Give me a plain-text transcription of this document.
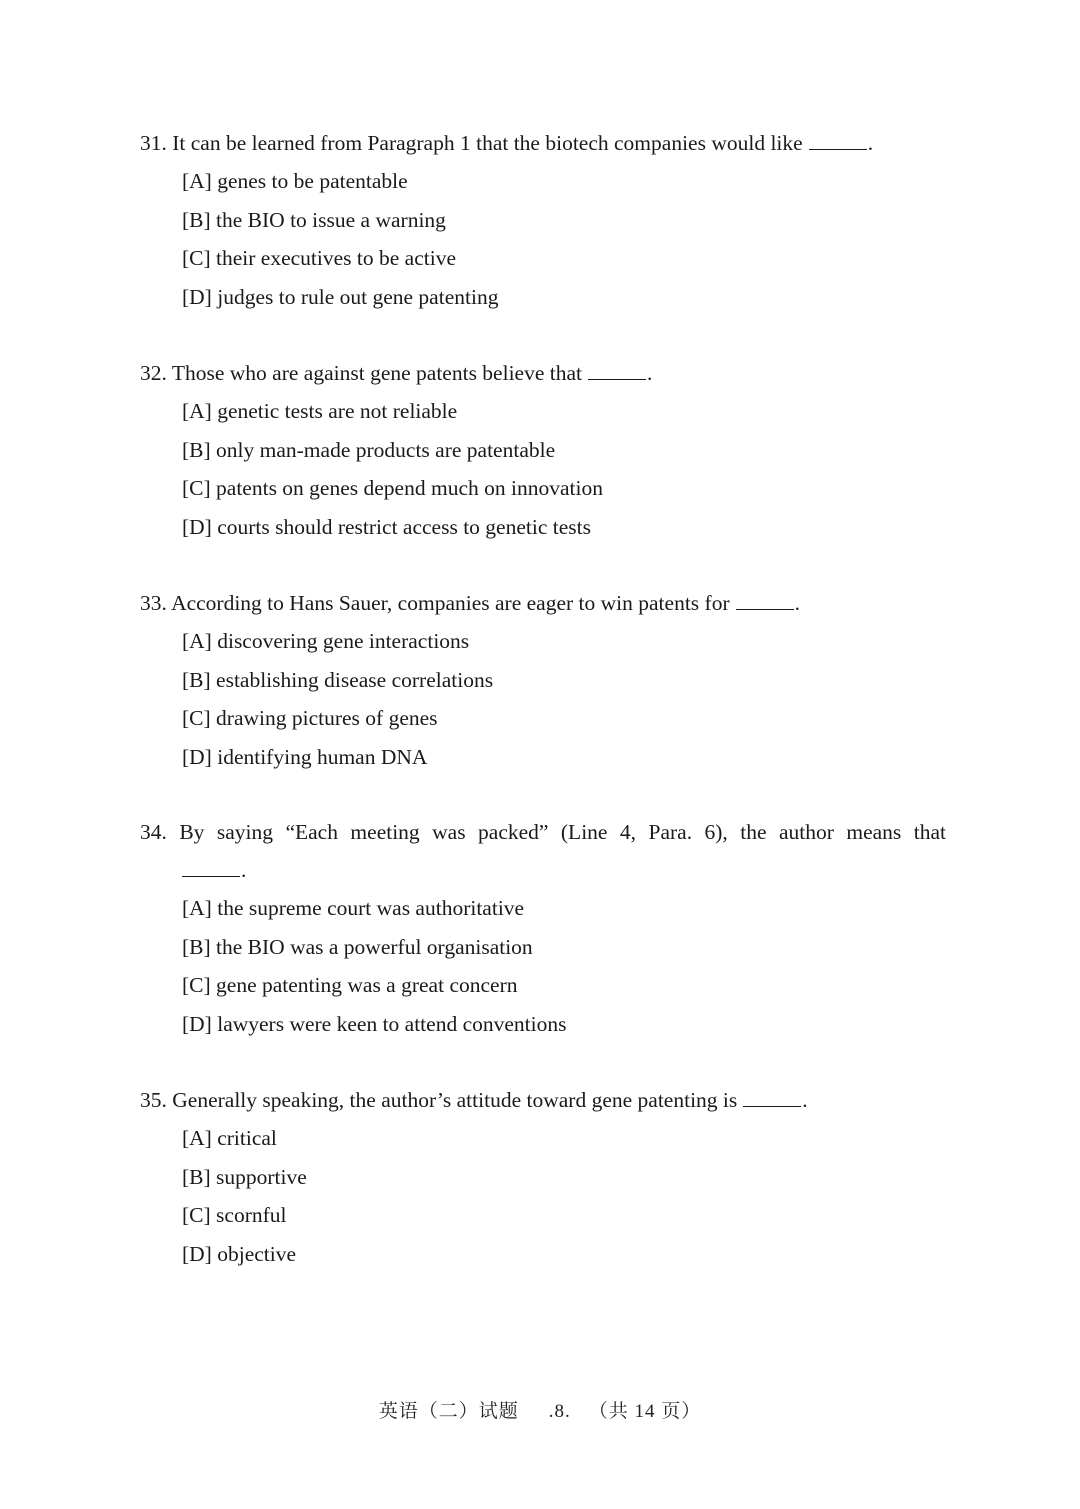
31. It can be learned from Paragraph 1 that the biotech companies would like	.
[A] genes to be patentable
[B] the BIO to issue a warning
[C] their executives to be active
[D] judges to rule out gene patenting
32. Those who are against gene patents believe that	.
[A] genetic tests are not reliable
[B] only man-made products are patentable
[C] patents on genes depend much on innovation
[D] courts should restrict access to genetic tests
33. According to Hans Sauer, companies are eager to win patents for	.
[A] discovering gene interactions
[B] establishing disease correlations
[C] drawing pictures of genes
[D] identifying human DNA
34. By saying “Each meeting was packed” (Line 4, Para. 6), the author means that
.
[A] the supreme court was authoritative
[B] the BIO was a powerful organisation
[C] gene patenting was a great concern
[D] lawyers were keen to attend conventions
35. Generally speaking, the author’s attitude toward gene patenting is	.
[A] critical
[B] supportive
[C] scornful
[D] objective
英语（二）试题 .8. （共 14 页）
